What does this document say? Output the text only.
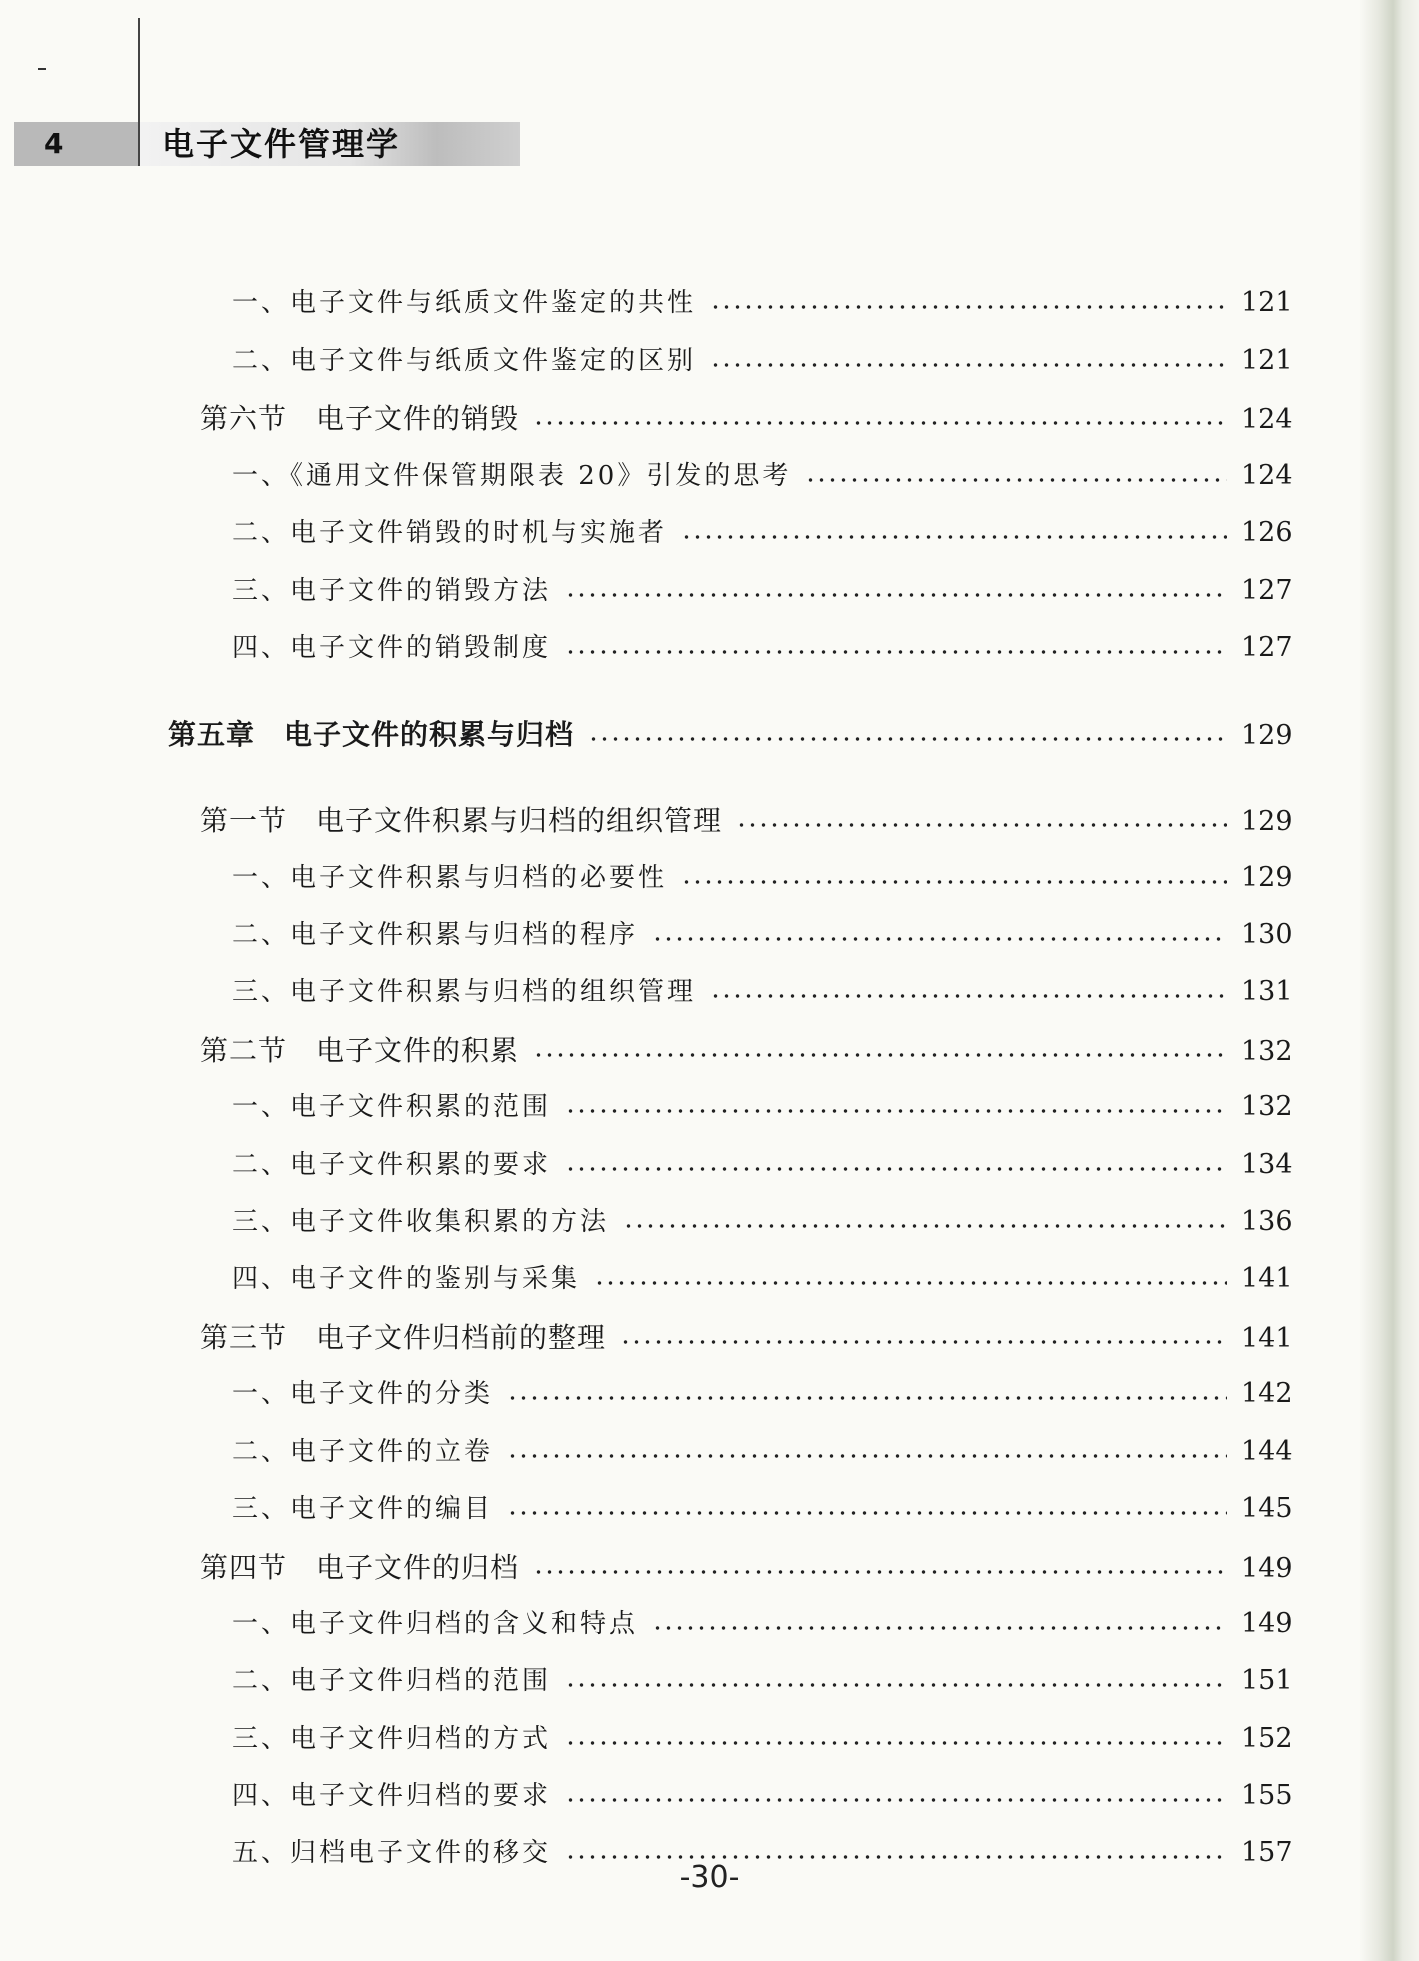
4	电子文件管理学
一、电子文件与纸质文件鉴定的共性	121
二、电子文件与纸质文件鉴定的区别	121
第六节　电子文件的销毁	124
一、《通用文件保管期限表 20》引发的思考	124
二、电子文件销毁的时机与实施者	126
三、电子文件的销毁方法	127
四、电子文件的销毁制度	127
第五章　电子文件的积累与归档	129
第一节　电子文件积累与归档的组织管理	129
一、电子文件积累与归档的必要性	129
二、电子文件积累与归档的程序	130
三、电子文件积累与归档的组织管理	131
第二节　电子文件的积累	132
一、电子文件积累的范围	132
二、电子文件积累的要求	134
三、电子文件收集积累的方法	136
四、电子文件的鉴别与采集	141
第三节　电子文件归档前的整理	141
一、电子文件的分类	142
二、电子文件的立卷	144
三、电子文件的编目	145
第四节　电子文件的归档	149
一、电子文件归档的含义和特点	149
二、电子文件归档的范围	151
三、电子文件归档的方式	152
四、电子文件归档的要求	155
五、归档电子文件的移交	157
-30-
